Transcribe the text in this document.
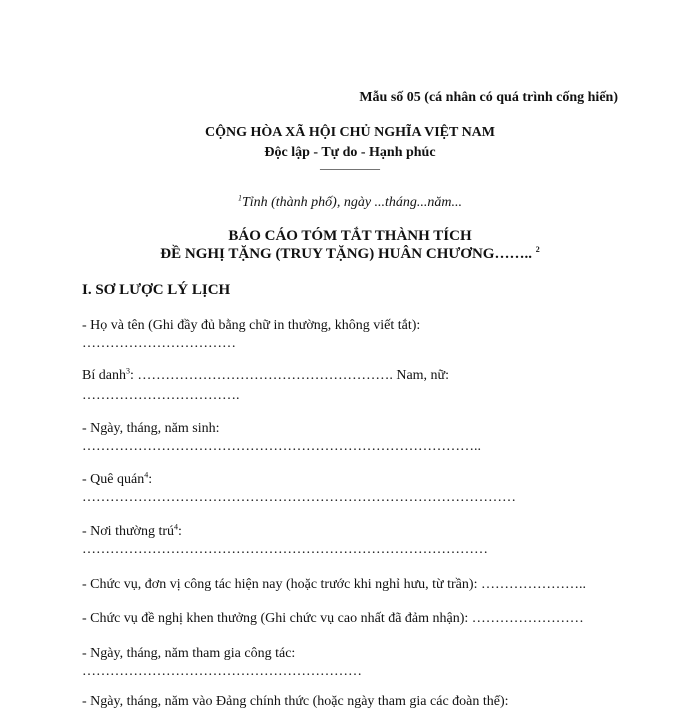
Mẫu số 05 (cá nhân có quá trình cống hiến)
CỘNG HÒA XÃ HỘI CHỦ NGHĨA VIỆT NAM
Độc lập - Tự do - Hạnh phúc
—————
$^1$Tỉnh (thành phố), ngày ...tháng...năm...
BÁO CÁO TÓM TẮT THÀNH TÍCH
ĐỀ NGHỊ TẶNG (TRUY TẶNG) HUÂN CHƯƠNG…….. $^2$
I. SƠ LƯỢC LÝ LỊCH
- Họ và tên (Ghi đầy đủ bằng chữ in thường, không viết tắt):
……………………………
Bí danh$^3$: ………………………………………………. Nam, nữ:
…………………………….
- Ngày, tháng, năm sinh:
…………………………………………………………………………..
- Quê quán$^4$:
…………………………………………………………………………………
- Nơi thường trú$^4$:
……………………………………………………………………………
- Chức vụ, đơn vị công tác hiện nay (hoặc trước khi nghỉ hưu, từ trần): …………………..
- Chức vụ đề nghị khen thưởng (Ghi chức vụ cao nhất đã đảm nhận): ……………………
- Ngày, tháng, năm tham gia công tác:
……………………………………………………
- Ngày, tháng, năm vào Đảng chính thức (hoặc ngày tham gia các đoàn thể):
